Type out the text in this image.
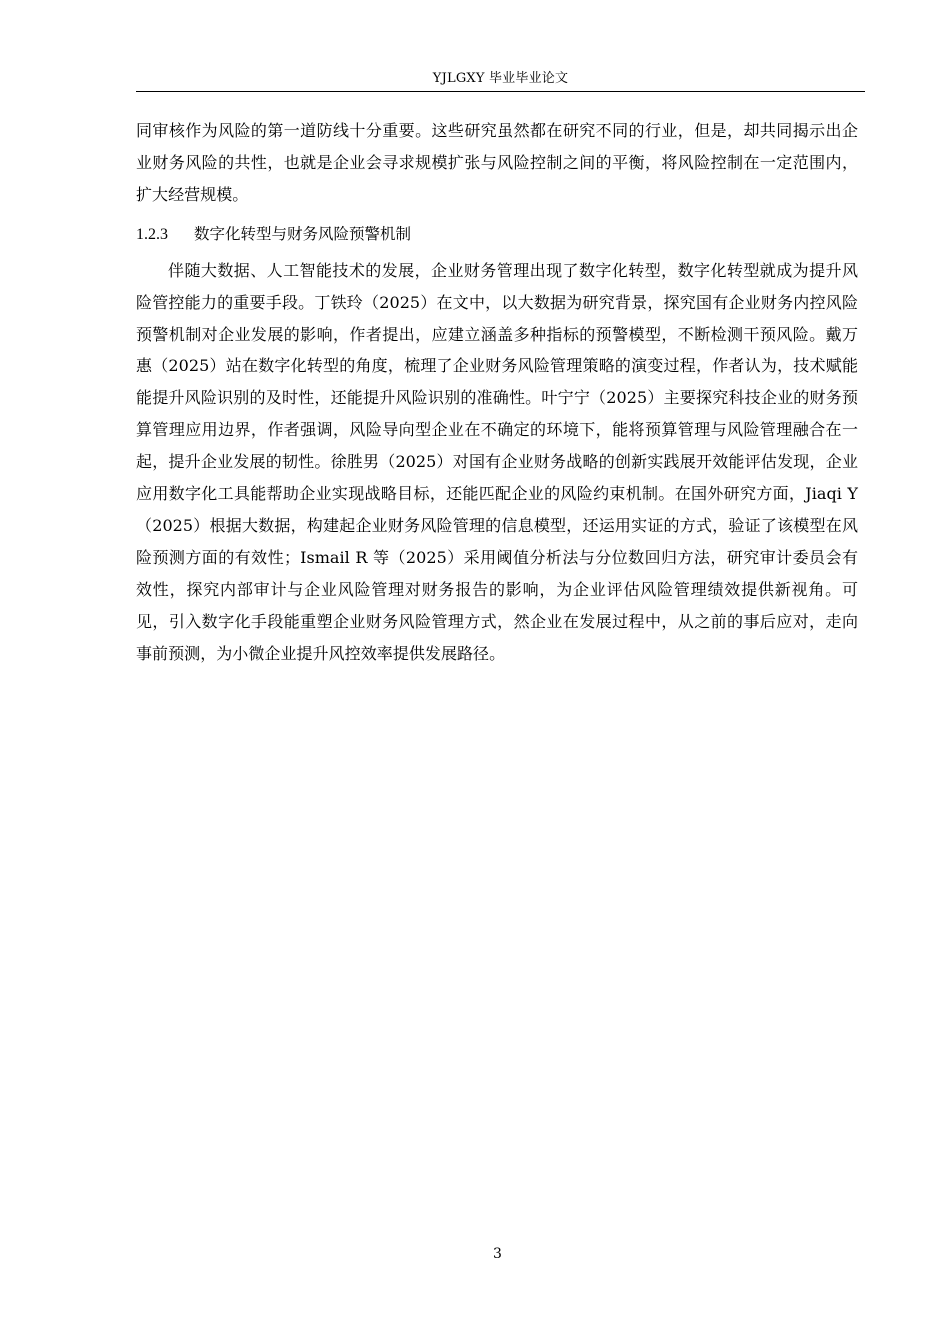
YJLGXY 毕业毕业论文

同审核作为风险的第一道防线十分重要。这些研究虽然都在研究不同的行业，但是，却共同揭示出企业财务风险的共性，也就是企业会寻求规模扩张与风险控制之间的平衡，将风险控制在一定范围内，扩大经营规模。

1.2.3	数字化转型与财务风险预警机制

伴随大数据、人工智能技术的发展，企业财务管理出现了数字化转型，数字化转型就成为提升风险管控能力的重要手段。丁铁玲（2025）在文中，以大数据为研究背景，探究国有企业财务内控风险预警机制对企业发展的影响，作者提出，应建立涵盖多种指标的预警模型，不断检测干预风险。戴万惠（2025）站在数字化转型的角度，梳理了企业财务风险管理策略的演变过程，作者认为，技术赋能能提升风险识别的及时性，还能提升风险识别的准确性。叶宁宁（2025）主要探究科技企业的财务预算管理应用边界，作者强调，风险导向型企业在不确定的环境下，能将预算管理与风险管理融合在一起，提升企业发展的韧性。徐胜男（2025）对国有企业财务战略的创新实践展开效能评估发现，企业应用数字化工具能帮助企业实现战略目标，还能匹配企业的风险约束机制。在国外研究方面，Jiaqi Y（2025）根据大数据，构建起企业财务风险管理的信息模型，还运用实证的方式，验证了该模型在风险预测方面的有效性；Ismail R 等（2025）采用阈值分析法与分位数回归方法，研究审计委员会有效性，探究内部审计与企业风险管理对财务报告的影响，为企业评估风险管理绩效提供新视角。可见，引入数字化手段能重塑企业财务风险管理方式，然企业在发展过程中，从之前的事后应对，走向事前预测，为小微企业提升风控效率提供发展路径。

3
